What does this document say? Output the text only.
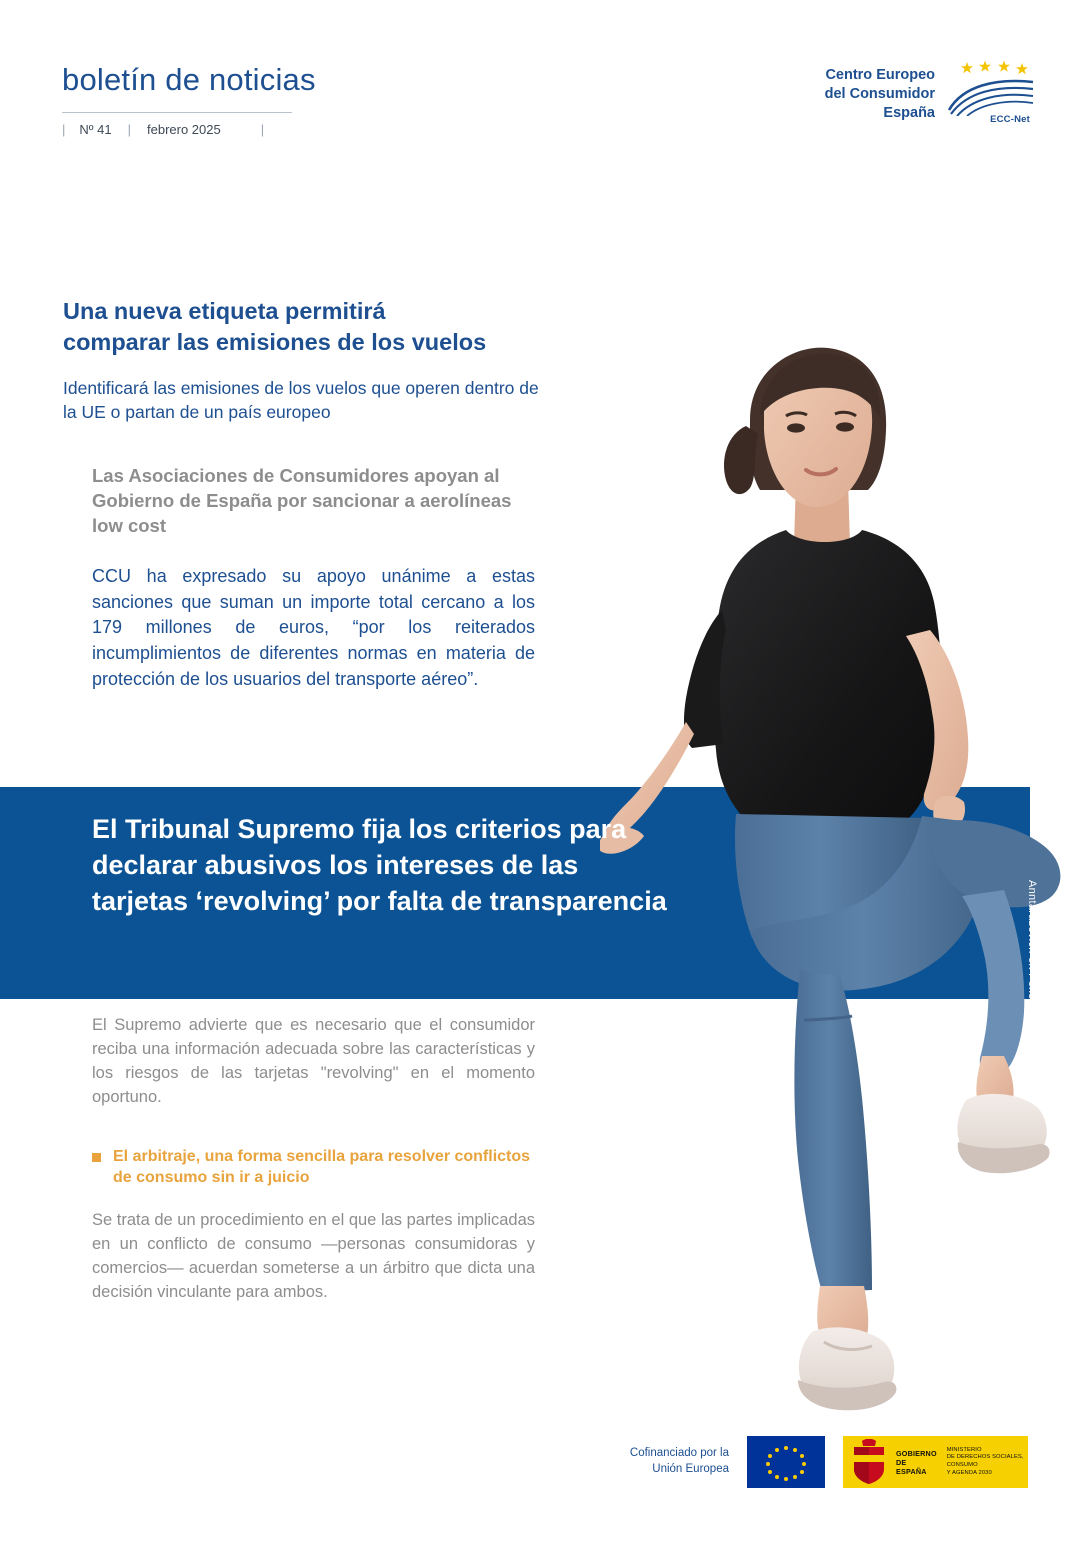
boletín de noticias
| Nº 41 | febrero 2025	|
Centro Europeo
del Consumidor
España	ECC-Net
Una nueva etiqueta permitirá
comparar las emisiones de los vuelos
Identificará las emisiones de los vuelos que operen dentro de la UE o partan de un país europeo
Las Asociaciones de Consumidores apoyan al Gobierno de España por sancionar a aerolíneas low cost

CCU ha expresado su apoyo unánime a estas sanciones que suman un importe total cercano a los 179 millones de euros, “por los reiterados incumplimientos de diferentes normas en materia de protección de los usuarios del transporte aéreo”.

El Tribunal Supremo fija los criterios para declarar abusivos los intereses de las tarjetas ‘revolving’ por falta de transparencia	Anntarazevich en Pexels

El Supremo advierte que es necesario que el consumidor reciba una información adecuada sobre las características y los riesgos de las tarjetas "revolving" en el momento oportuno.

El arbitraje, una forma sencilla para resolver conflictos de consumo sin ir a juicio

Se trata de un procedimiento en el que las partes implicadas en un conflicto de consumo —personas consumidoras y comercios— acuerdan someterse a un árbitro que dicta una decisión vinculante para ambos.

Cofinanciado por la
Unión Europea
GOBIERNO
DE ESPAÑA
MINISTERIO
DE DERECHOS SOCIALES, CONSUMO
Y AGENDA 2030
